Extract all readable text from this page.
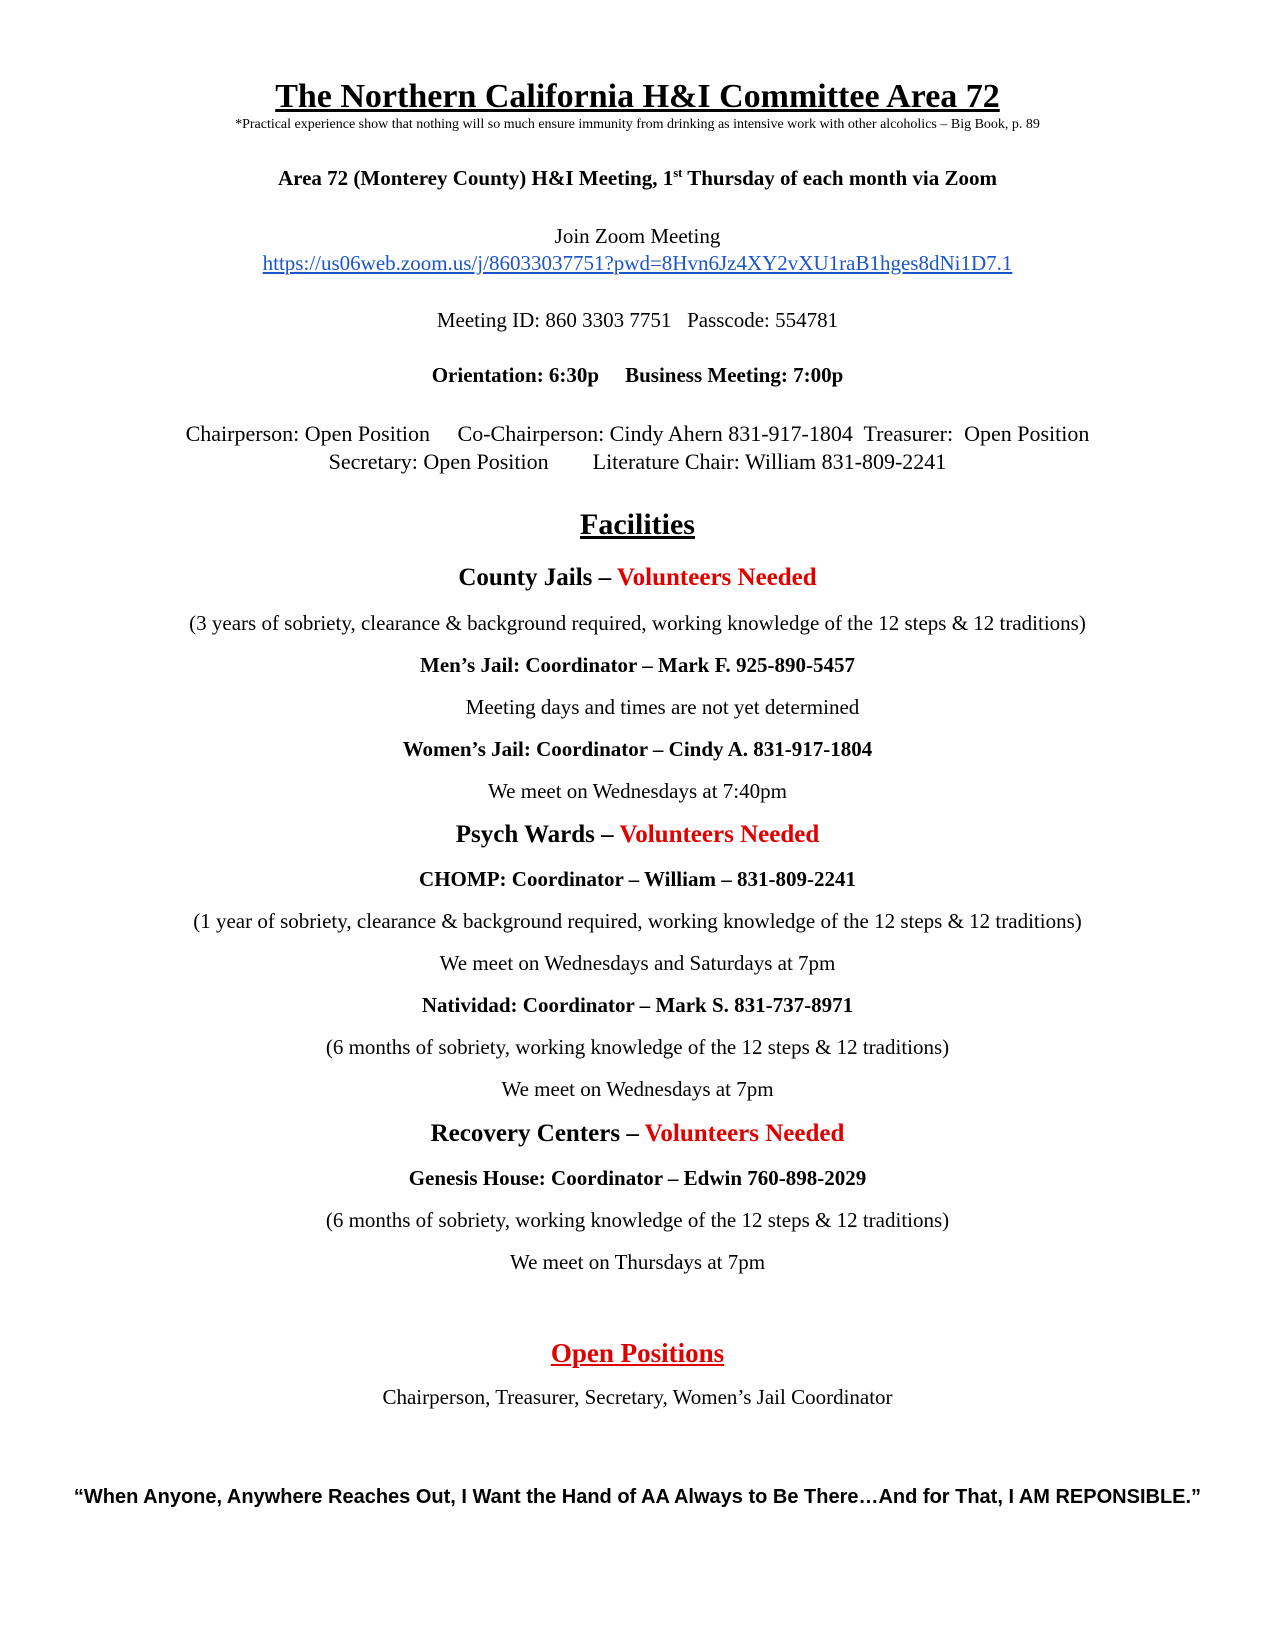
The Northern California H&I Committee Area 72
*Practical experience show that nothing will so much ensure immunity from drinking as intensive work with other alcoholics – Big Book, p. 89
Area 72 (Monterey County) H&I Meeting, 1st Thursday of each month via Zoom
Join Zoom Meeting
https://us06web.zoom.us/j/86033037751?pwd=8Hvn6Jz4XY2vXU1raB1hges8dNi1D7.1
Meeting ID: 860 3303 7751   Passcode: 554781
Orientation: 6:30p Business Meeting: 7:00p
Chairperson: Open Position     Co-Chairperson: Cindy Ahern 831-917-1804  Treasurer:  Open Position
Secretary: Open Position        Literature Chair: William 831-809-2241
Facilities
County Jails – Volunteers Needed
(3 years of sobriety, clearance & background required, working knowledge of the 12 steps & 12 traditions)
Men’s Jail: Coordinator – Mark F. 925-890-5457
Meeting days and times are not yet determined
Women’s Jail: Coordinator – Cindy A. 831-917-1804
We meet on Wednesdays at 7:40pm
Psych Wards – Volunteers Needed
CHOMP: Coordinator – William – 831-809-2241
(1 year of sobriety, clearance & background required, working knowledge of the 12 steps & 12 traditions)
We meet on Wednesdays and Saturdays at 7pm
Natividad: Coordinator – Mark S. 831-737-8971
(6 months of sobriety, working knowledge of the 12 steps & 12 traditions)
We meet on Wednesdays at 7pm
Recovery Centers – Volunteers Needed
Genesis House: Coordinator – Edwin 760-898-2029
(6 months of sobriety, working knowledge of the 12 steps & 12 traditions)
We meet on Thursdays at 7pm
Open Positions
Chairperson, Treasurer, Secretary, Women’s Jail Coordinator
“When Anyone, Anywhere Reaches Out, I Want the Hand of AA Always to Be There…And for That, I AM REPONSIBLE.”
